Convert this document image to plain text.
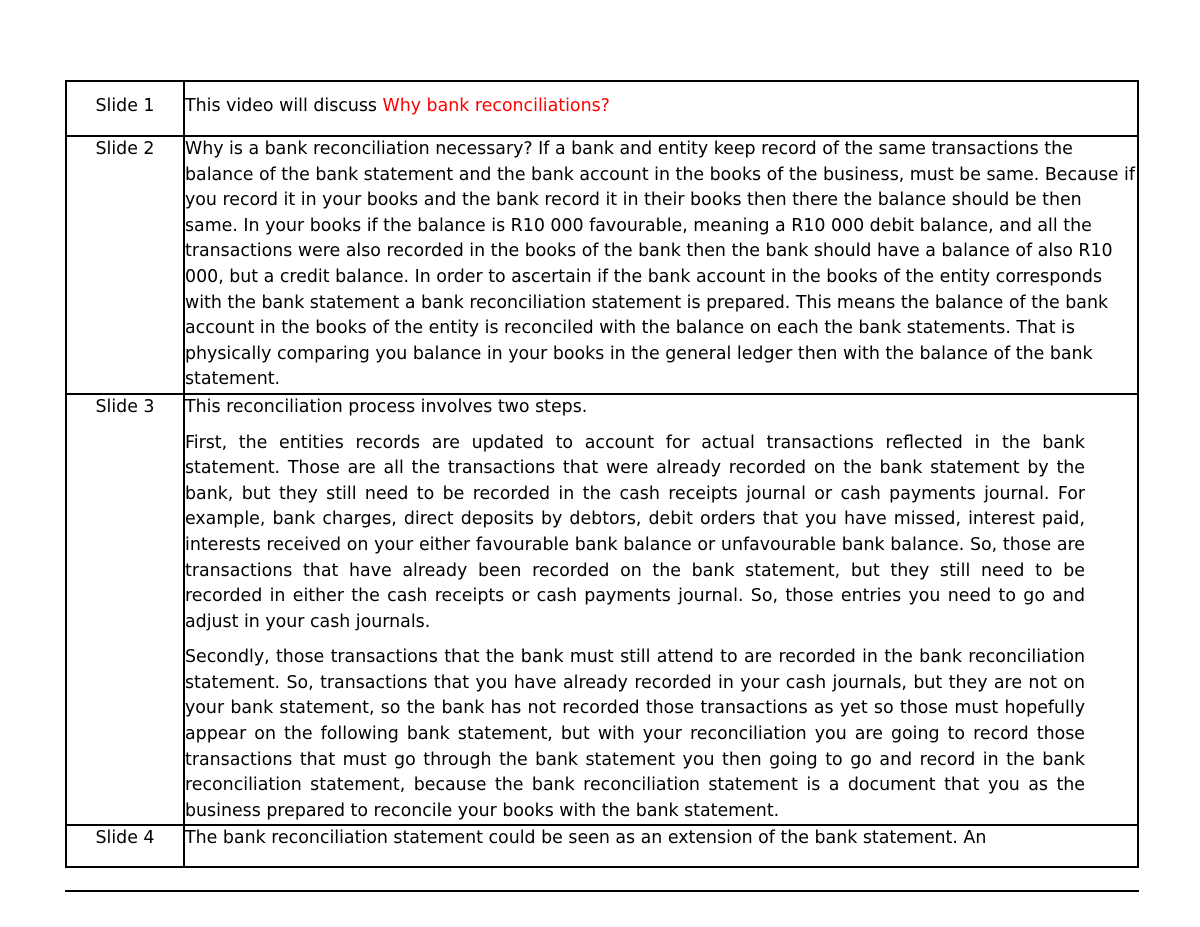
Slide 1	This video will discuss Why bank reconciliations?
Slide 2	Why is a bank reconciliation necessary? If a bank and entity keep record of the same transactions the balance of the bank statement and the bank account in the books of the business, must be same. Because if you record it in your books and the bank record it in their books then there the balance should be then same. In your books if the balance is R10 000 favourable, meaning a R10 000 debit balance, and all the transactions were also recorded in the books of the bank then the bank should have a balance of also R10 000, but a credit balance. In order to ascertain if the bank account in the books of the entity corresponds with the bank statement a bank reconciliation statement is prepared. This means the balance of the bank account in the books of the entity is reconciled with the balance on each the bank statements. That is physically comparing you balance in your books in the general ledger then with the balance of the bank statement.

Slide 3	This reconciliation process involves two steps.

First, the entities records are updated to account for actual transactions reflected in the bank statement. Those are all the transactions that were already recorded on the bank statement by the bank, but they still need to be recorded in the cash receipts journal or cash payments journal. For example, bank charges, direct deposits by debtors, debit orders that you have missed, interest paid, interests received on your either favourable bank balance or unfavourable bank balance. So, those are transactions that have already been recorded on the bank statement, but they still need to be recorded in either the cash receipts or cash payments journal. So, those entries you need to go and adjust in your cash journals.

Secondly, those transactions that the bank must still attend to are recorded in the bank reconciliation statement. So, transactions that you have already recorded in your cash journals, but they are not on your bank statement, so the bank has not recorded those transactions as yet so those must hopefully appear on the following bank statement, but with your reconciliation you are going to record those transactions that must go through the bank statement you then going to go and record in the bank reconciliation statement, because the bank reconciliation statement is a document that you as the business prepared to reconcile your books with the bank statement.

Slide 4	The bank reconciliation statement could be seen as an extension of the bank statement. An
